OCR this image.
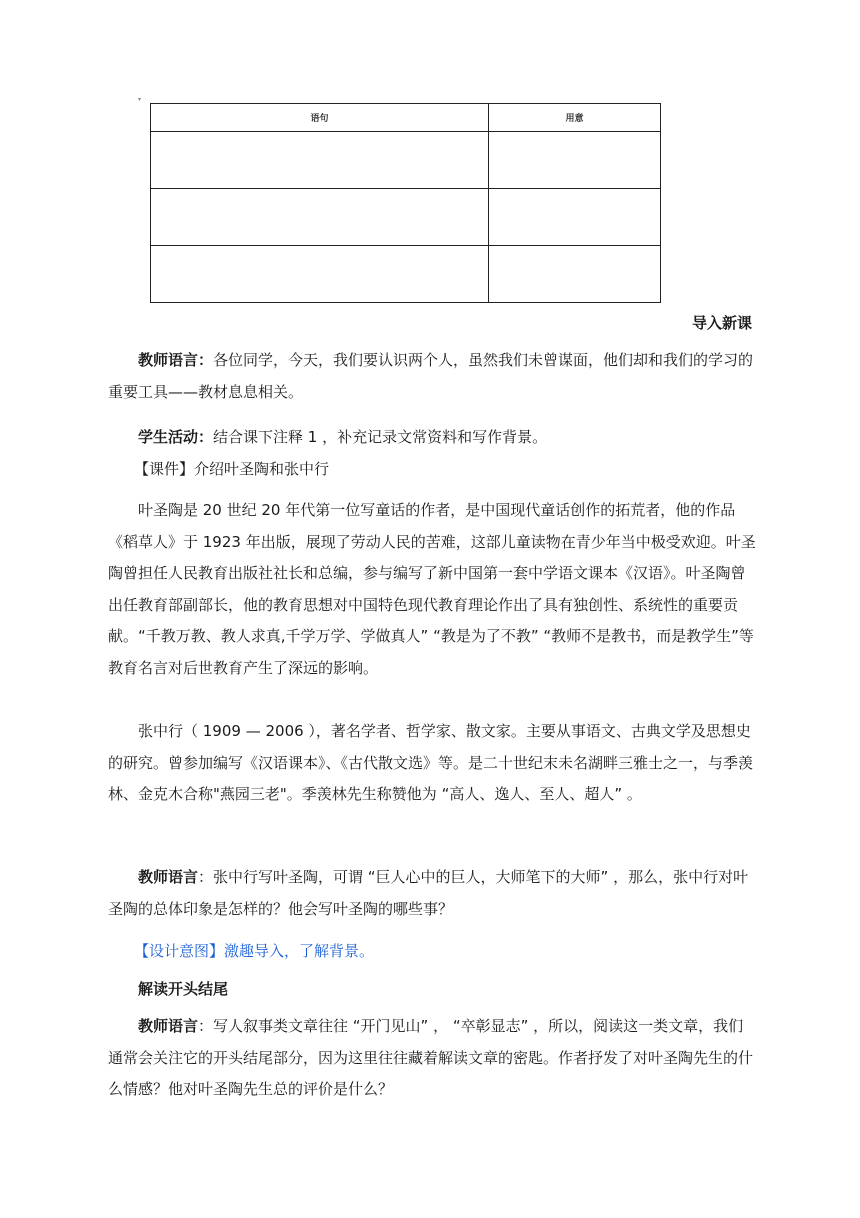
▾
语句	用意

导入新课

教师语言：各位同学，今天，我们要认识两个人，虽然我们未曾谋面，他们却和我们的学习的重要工具——教材息息相关。

学生活动：结合课下注释 1 ，补充记录文常资料和写作背景。

【课件】介绍叶圣陶和张中行

叶圣陶是 20 世纪 20 年代第一位写童话的作者，是中国现代童话创作的拓荒者，他的作品《稻草人》于 1923 年出版，展现了劳动人民的苦难，这部儿童读物在青少年当中极受欢迎。叶圣陶曾担任人民教育出版社社长和总编，参与编写了新中国第一套中学语文课本《汉语》。叶圣陶曾出任教育部副部长，他的教育思想对中国特色现代教育理论作出了具有独创性、系统性的重要贡献。“千教万教、教人求真,千学万学、学做真人” “教是为了不教” “教师不是教书，而是教学生”等教育名言对后世教育产生了深远的影响。

张中行（ 1909 — 2006 ），著名学者、哲学家、散文家。主要从事语文、古典文学及思想史的研究。曾参加编写《汉语课本》、《古代散文选》等。是二十世纪末未名湖畔三雅士之一，与季羡林、金克木合称"燕园三老"。季羡林先生称赞他为 “高人、逸人、至人、超人” 。

教师语言：张中行写叶圣陶，可谓 “巨人心中的巨人，大师笔下的大师” ，那么，张中行对叶圣陶的总体印象是怎样的？他会写叶圣陶的哪些事？

【设计意图】激趣导入，了解背景。

解读开头结尾

教师语言：写人叙事类文章往往 “开门见山” ， “卒彰显志” ，所以，阅读这一类文章，我们通常会关注它的开头结尾部分，因为这里往往藏着解读文章的密匙。作者抒发了对叶圣陶先生的什么情感？他对叶圣陶先生总的评价是什么？
